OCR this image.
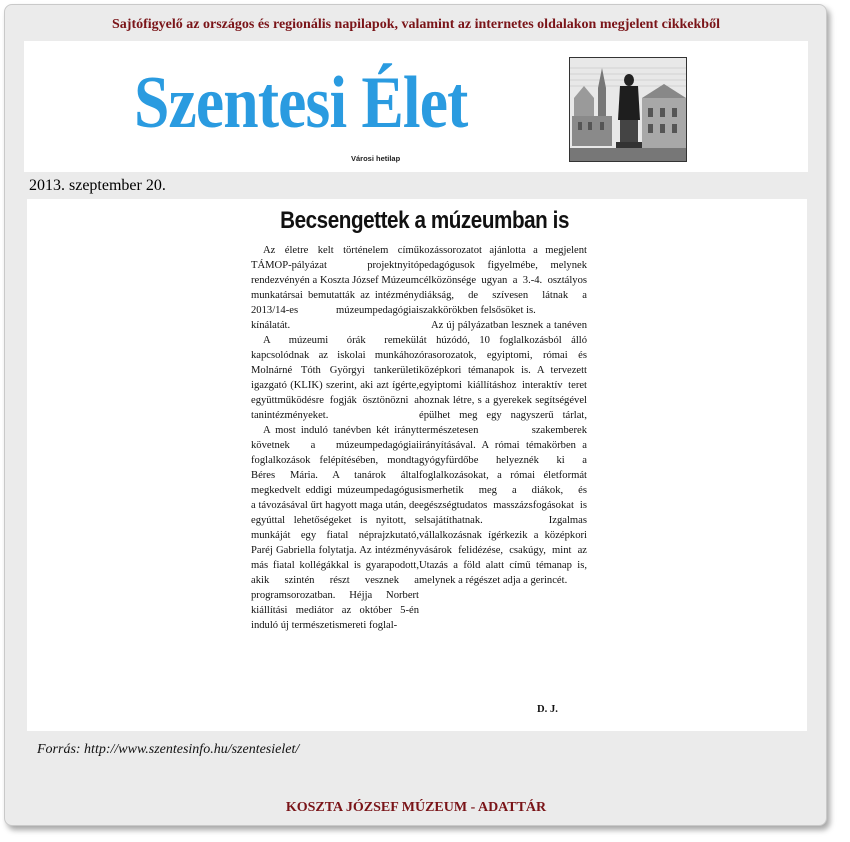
Sajtófigyelő az országos és regionális napilapok, valamint az internetes oldalakon megjelent cikkekből
Szentesi Élet
Városi hetilap
2013. szeptember 20.
Becsengettek a múzeumban is

Az életre kelt történelem című TÁMOP-pályázat projektnyitó rendezvényén a Koszta József Múzeum munkatársai bemutatták az intézmény 2013/14-es múzeumpedagógiai kínálatát.

A múzeumi órák remekül kapcsolódnak az iskolai munkához Molnárné Tóth Györgyi tankerületi igazgató (KLIK) szerint, aki azt ígérte, együttműködésre fogják ösztönözni a tanintézményeket.

A most induló tanévben két irányt követnek a múzeumpedagógiai foglalkozások felépítésében, mondta Béres Mária. A tanárok által megkedvelt eddigi múzeumpedagógus a távozásával űrt hagyott maga után, de egyúttal lehetőségeket is nyitott, s munkáját egy fiatal néprajzkutató, Paréj Gabriella folytatja. Az intézmény más fiatal kollégákkal is gyarapodott, akik szintén részt vesznek a programsorozatban. Héjja Norbert kiállítási mediátor az október 5-én induló új természetismereti foglal-

kozássorozatot ajánlotta a megjelent pedagógusok figyelmébe, melynek célközönsége ugyan a 3.-4. osztályos diákság, de szívesen látnak a szakkörökben felsősöket is.

Az új pályázatban lesznek a tanéven át húzódó, 10 foglalkozásból álló órasorozatok, egyiptomi, római és középkori témanapok is. A tervezett egyiptomi kiállításhoz interaktív teret hoznak létre, s a gyerekek segítségével épülhet meg egy nagyszerű tárlat, természetesen szakemberek irányításával. A római témakörben a gyógyfürdőbe helyeznék ki a foglalkozásokat, a római életformát ismerhetik meg a diákok, és egészségtudatos masszázsfogásokat is elsajátíthatnak. Izgalmas vállalkozásnak ígérkezik a középkori vásárok felidézése, csakúgy, mint az Utazás a föld alatt című témanap is, melynek a régészet adja a gerincét.

D. J.
Forrás: http://www.szentesinfo.hu/szentesielet/
KOSZTA JÓZSEF MÚZEUM - ADATTÁR
